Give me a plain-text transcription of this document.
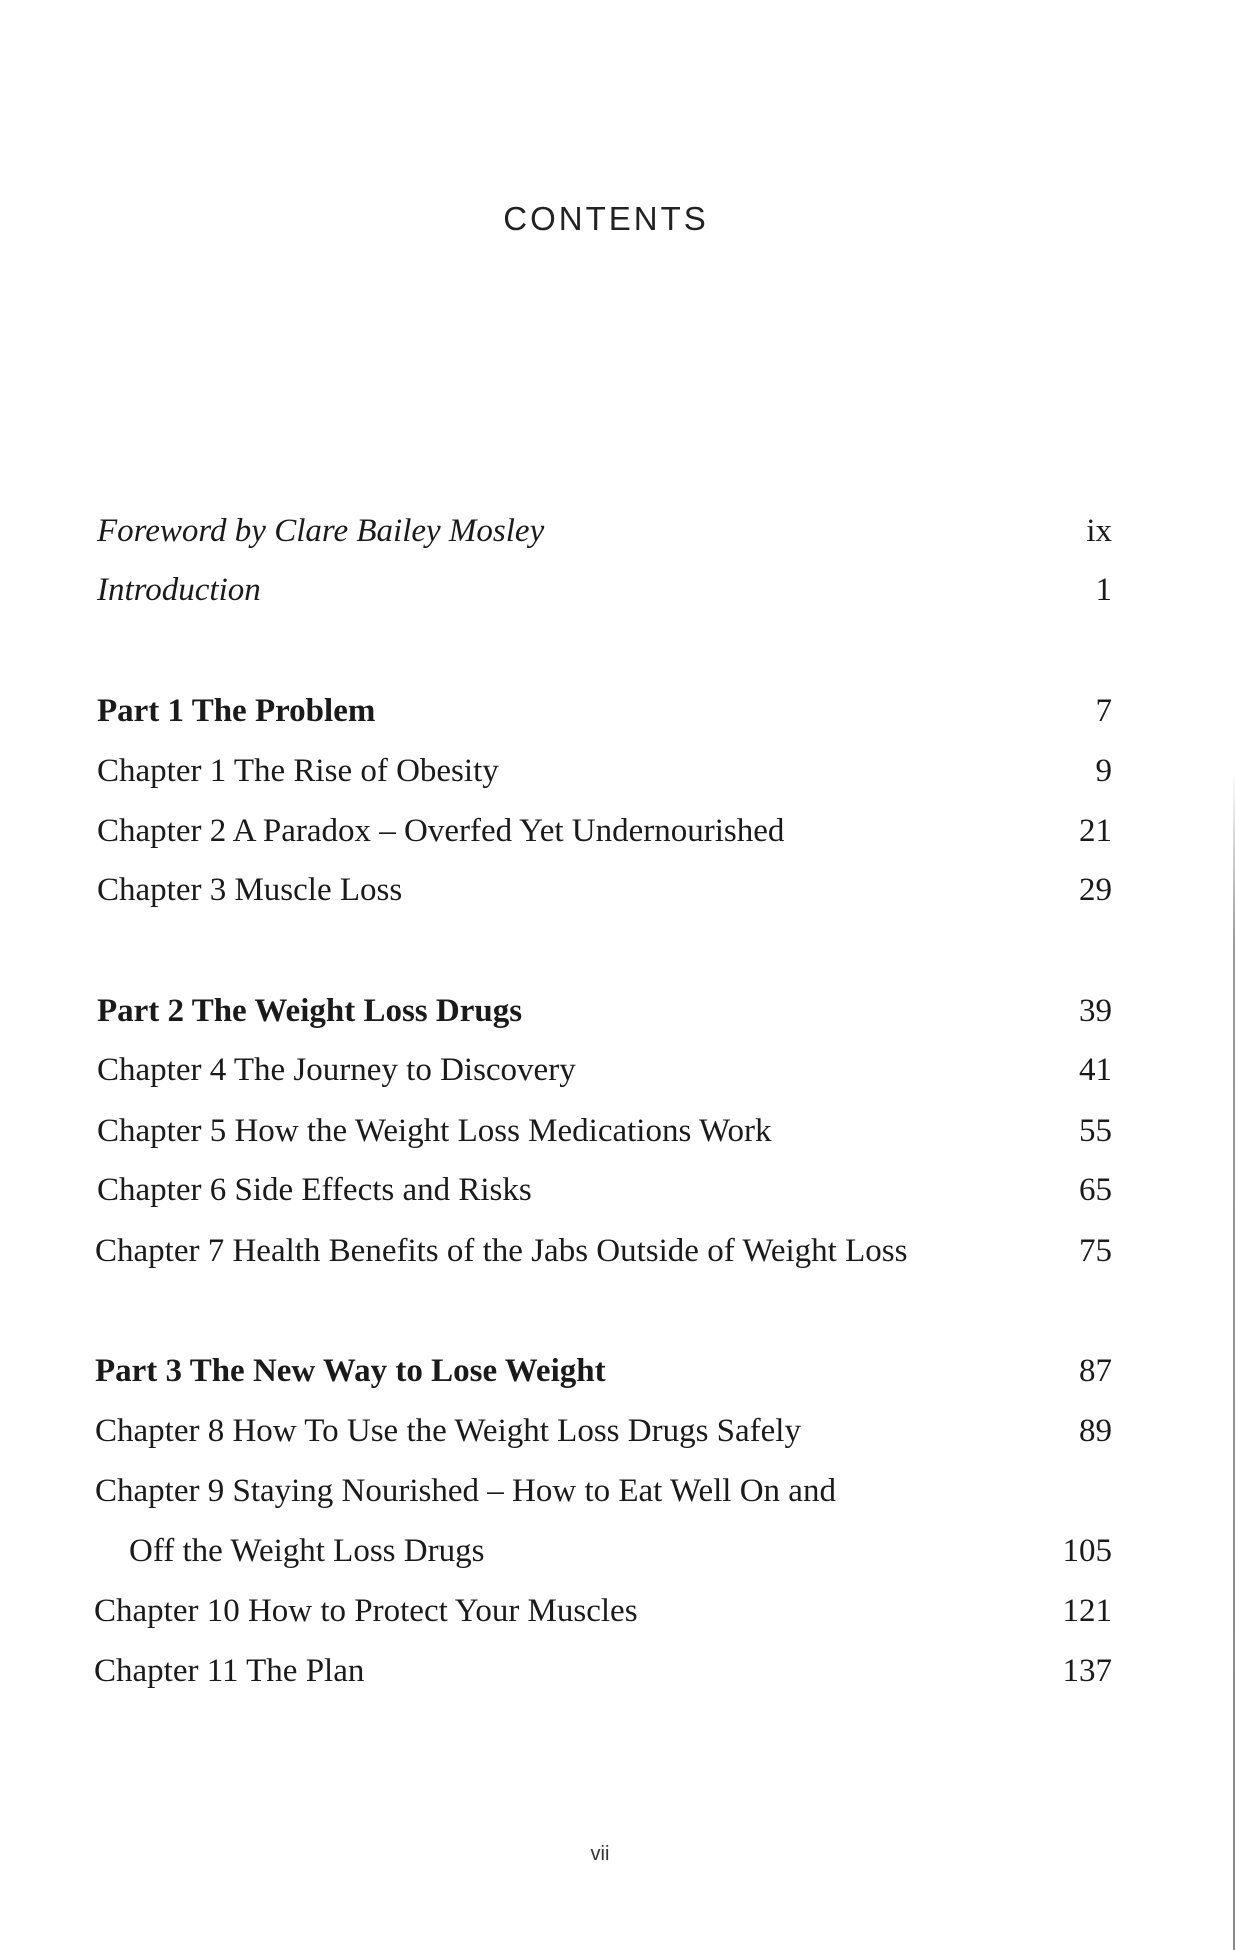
CONTENTS
Foreword by Clare Bailey Mosley	ix
Introduction	1
Part 1 The Problem	7
Chapter 1 The Rise of Obesity	9
Chapter 2 A Paradox – Overfed Yet Undernourished	21
Chapter 3 Muscle Loss	29
Part 2 The Weight Loss Drugs	39
Chapter 4 The Journey to Discovery	41
Chapter 5 How the Weight Loss Medications Work	55
Chapter 6 Side Effects and Risks	65
Chapter 7 Health Benefits of the Jabs Outside of Weight Loss	75
Part 3 The New Way to Lose Weight	87
Chapter 8 How To Use the Weight Loss Drugs Safely	89
Chapter 9 Staying Nourished – How to Eat Well On and
Off the Weight Loss Drugs	105
Chapter 10 How to Protect Your Muscles	121
Chapter 11 The Plan	137
vii
